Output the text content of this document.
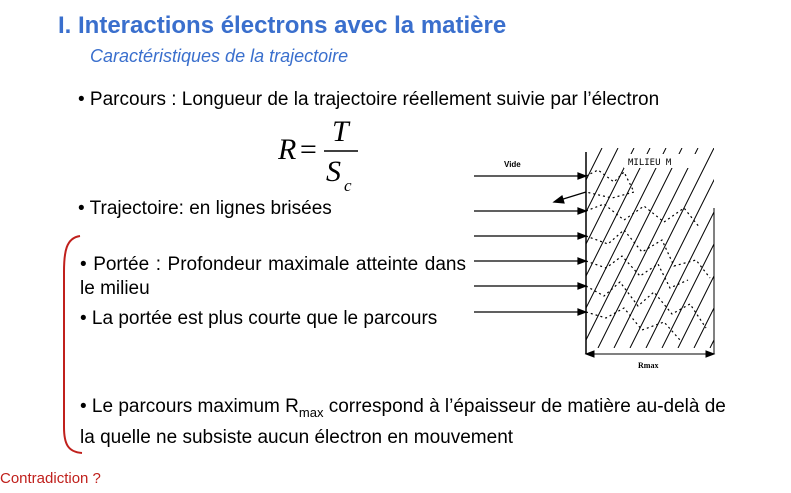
I. Interactions électrons avec la matière
Caractéristiques de la trajectoire
• Parcours : Longueur de la trajectoire réellement suivie par l’électron
R =
T
S c
• Trajectoire: en lignes brisées
• Portée : Profondeur maximale atteinte dans le milieu
• La portée est plus courte que le parcours
• Le parcours maximum $R_{max}$ correspond à l’épaisseur de matière au-delà de la quelle ne subsiste aucun électron en mouvement
Contradiction ?
MILIEU M
Vide
Rmax
